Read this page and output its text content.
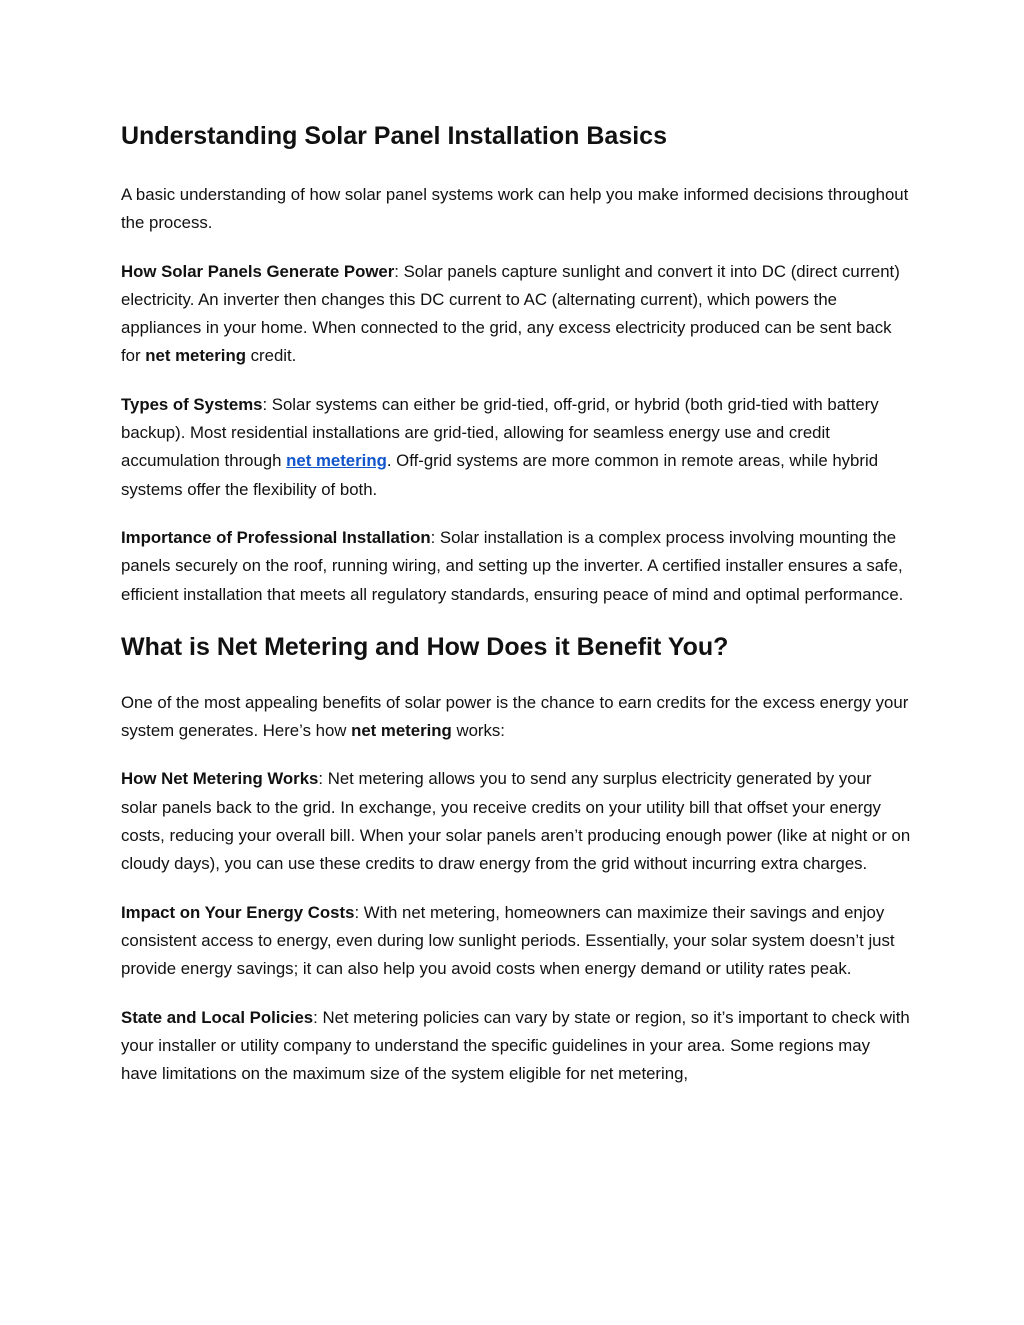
Understanding Solar Panel Installation Basics

A basic understanding of how solar panel systems work can help you make informed decisions throughout the process.

How Solar Panels Generate Power: Solar panels capture sunlight and convert it into DC (direct current) electricity. An inverter then changes this DC current to AC (alternating current), which powers the appliances in your home. When connected to the grid, any excess electricity produced can be sent back for net metering credit.

Types of Systems: Solar systems can either be grid-tied, off-grid, or hybrid (both grid-tied with battery backup). Most residential installations are grid-tied, allowing for seamless energy use and credit accumulation through net metering. Off-grid systems are more common in remote areas, while hybrid systems offer the flexibility of both.

Importance of Professional Installation: Solar installation is a complex process involving mounting the panels securely on the roof, running wiring, and setting up the inverter. A certified installer ensures a safe, efficient installation that meets all regulatory standards, ensuring peace of mind and optimal performance.

What is Net Metering and How Does it Benefit You?

One of the most appealing benefits of solar power is the chance to earn credits for the excess energy your system generates. Here’s how net metering works:

How Net Metering Works: Net metering allows you to send any surplus electricity generated by your solar panels back to the grid. In exchange, you receive credits on your utility bill that offset your energy costs, reducing your overall bill. When your solar panels aren’t producing enough power (like at night or on cloudy days), you can use these credits to draw energy from the grid without incurring extra charges.

Impact on Your Energy Costs: With net metering, homeowners can maximize their savings and enjoy consistent access to energy, even during low sunlight periods. Essentially, your solar system doesn’t just provide energy savings; it can also help you avoid costs when energy demand or utility rates peak.

State and Local Policies: Net metering policies can vary by state or region, so it’s important to check with your installer or utility company to understand the specific guidelines in your area. Some regions may have limitations on the maximum size of the system eligible for net metering,
